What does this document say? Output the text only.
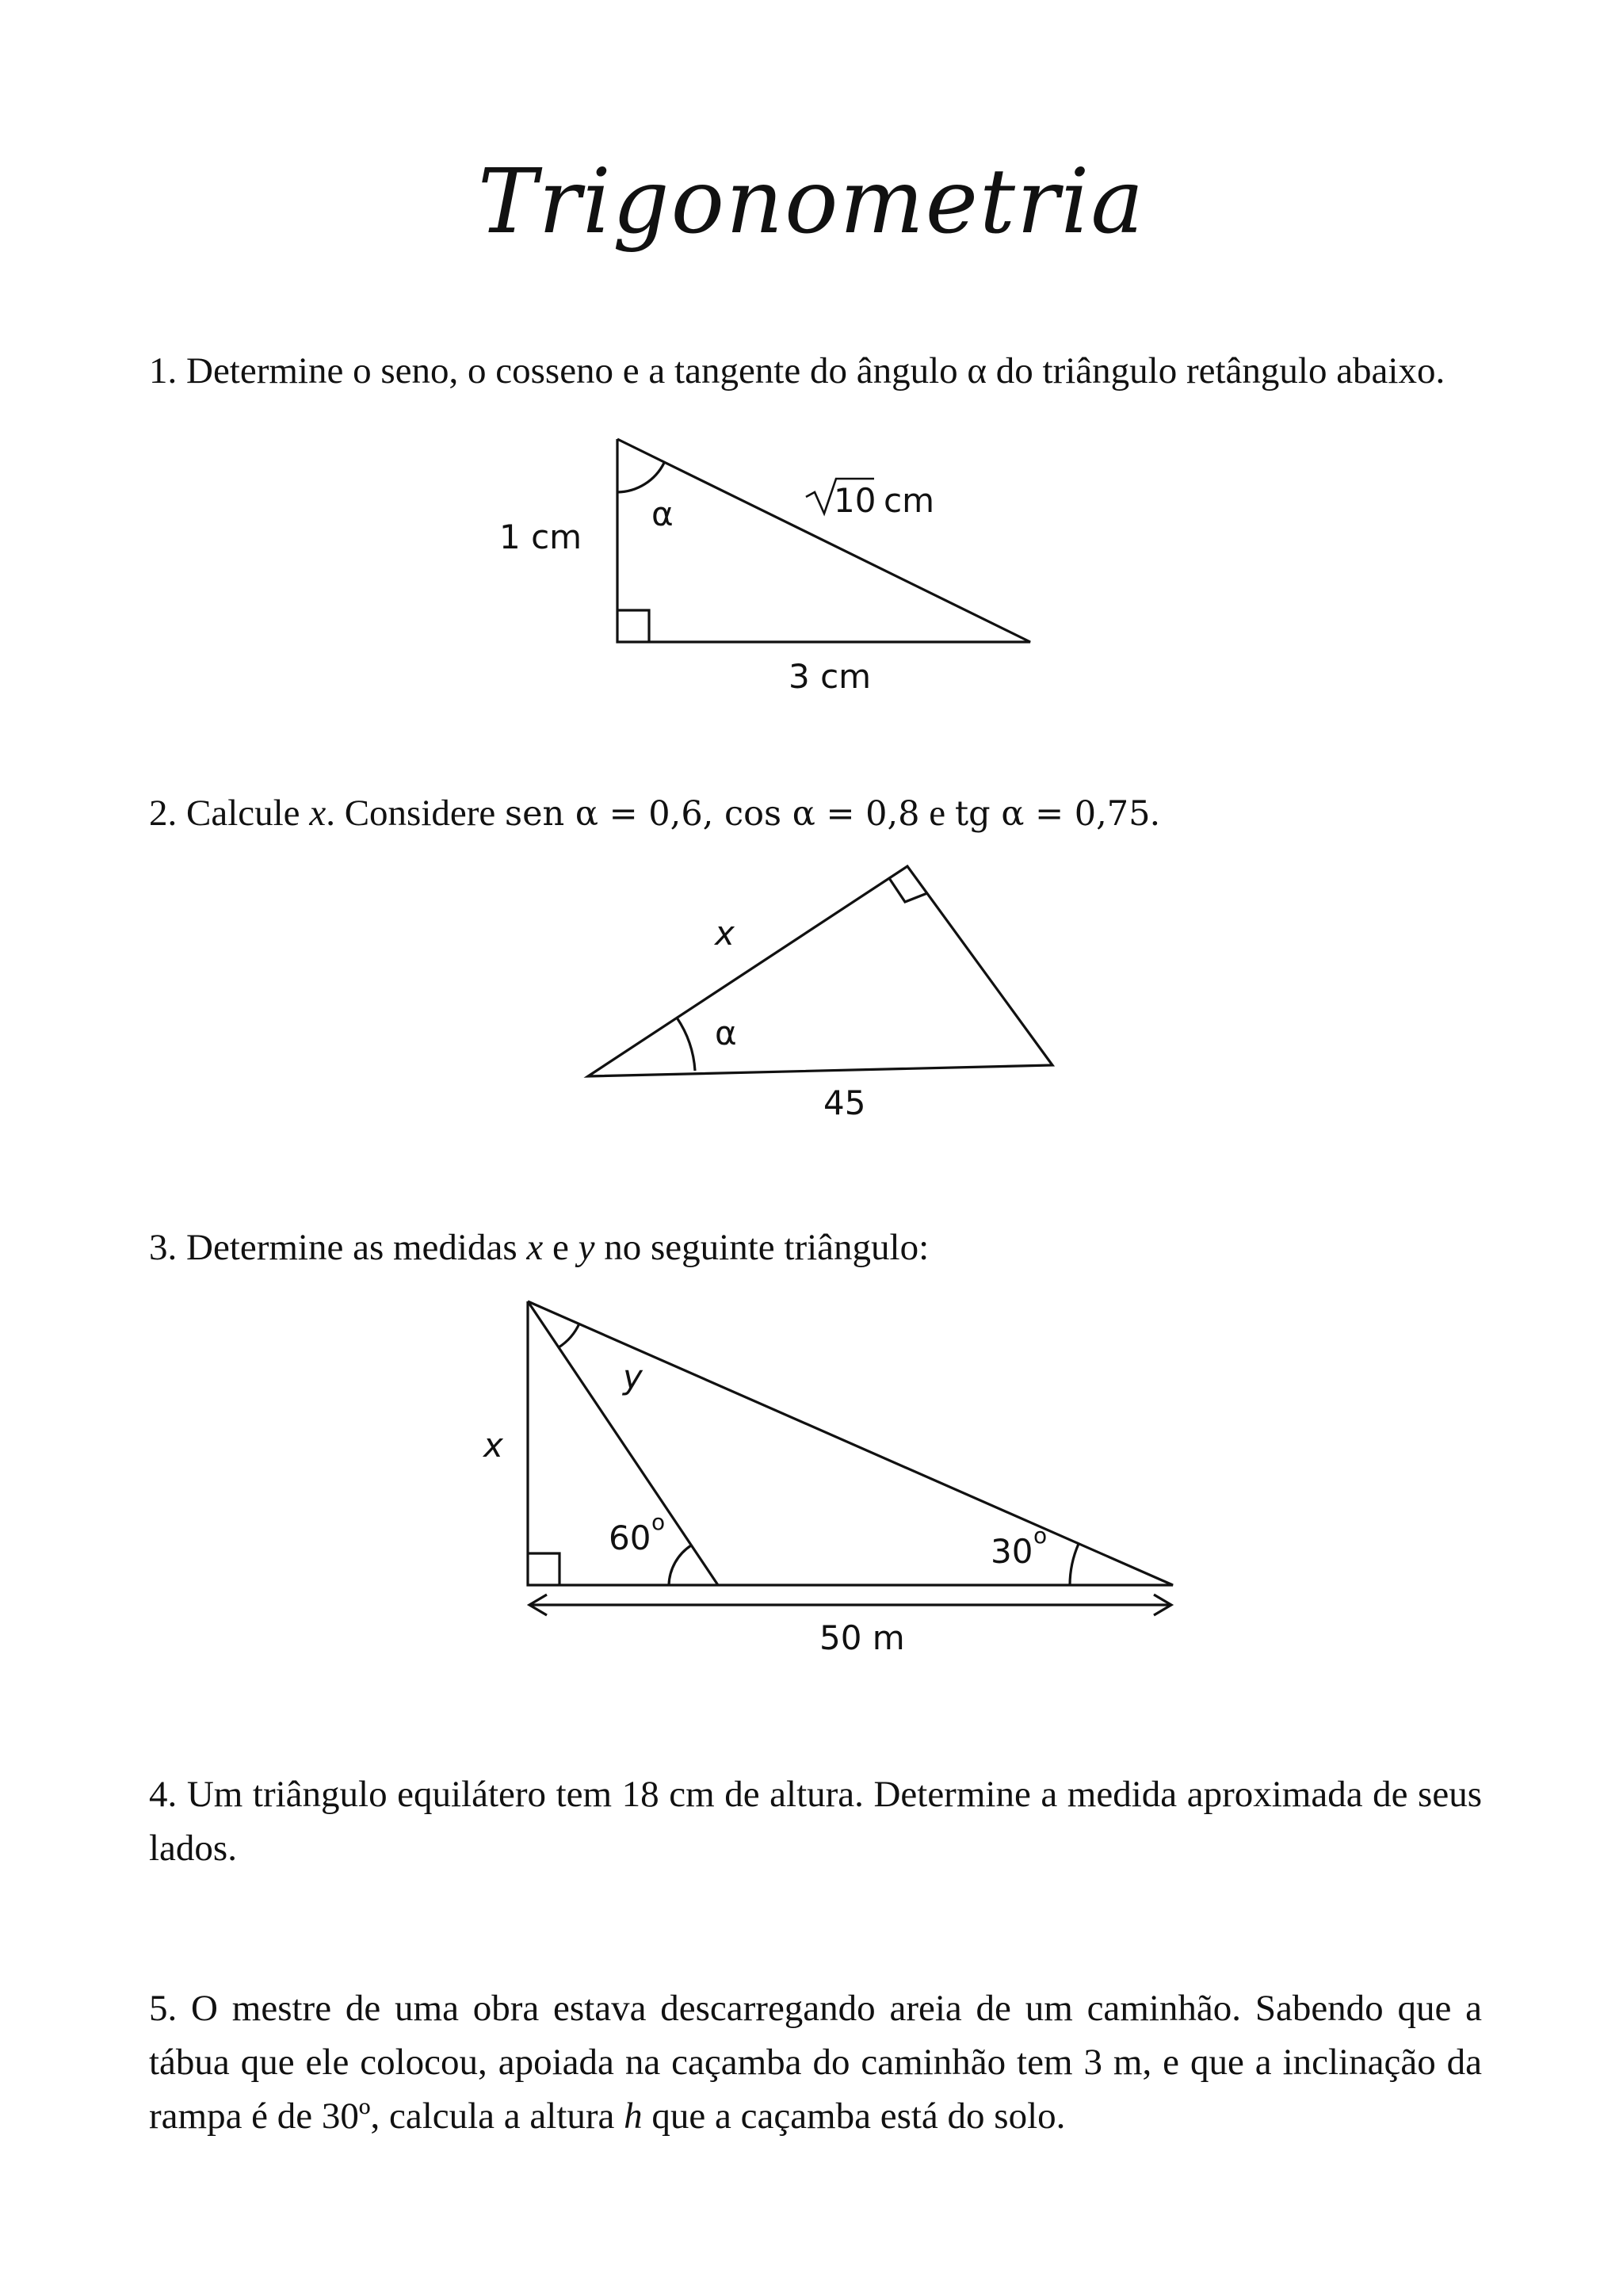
Trigonometria

1. Determine o seno, o cosseno e a tangente do ângulo α do triângulo retângulo abaixo.

1 cm
α	10 cm
3 cm
x
α
45
x
y
60 o
30 o
50 m

2. Calcule x. Considere sen α = 0,6, cos α = 0,8 e tg α = 0,75.

3. Determine as medidas x e y no seguinte triângulo:

4. Um triângulo equilátero tem 18 cm de altura. Determine a medida aproximada de seus lados.

5. O mestre de uma obra estava descarregando areia de um caminhão. Sabendo que a tábua que ele colocou, apoiada na caçamba do caminhão tem 3 m, e que a inclinação da rampa é de 30º, calcula a altura h que a caçamba está do solo.
